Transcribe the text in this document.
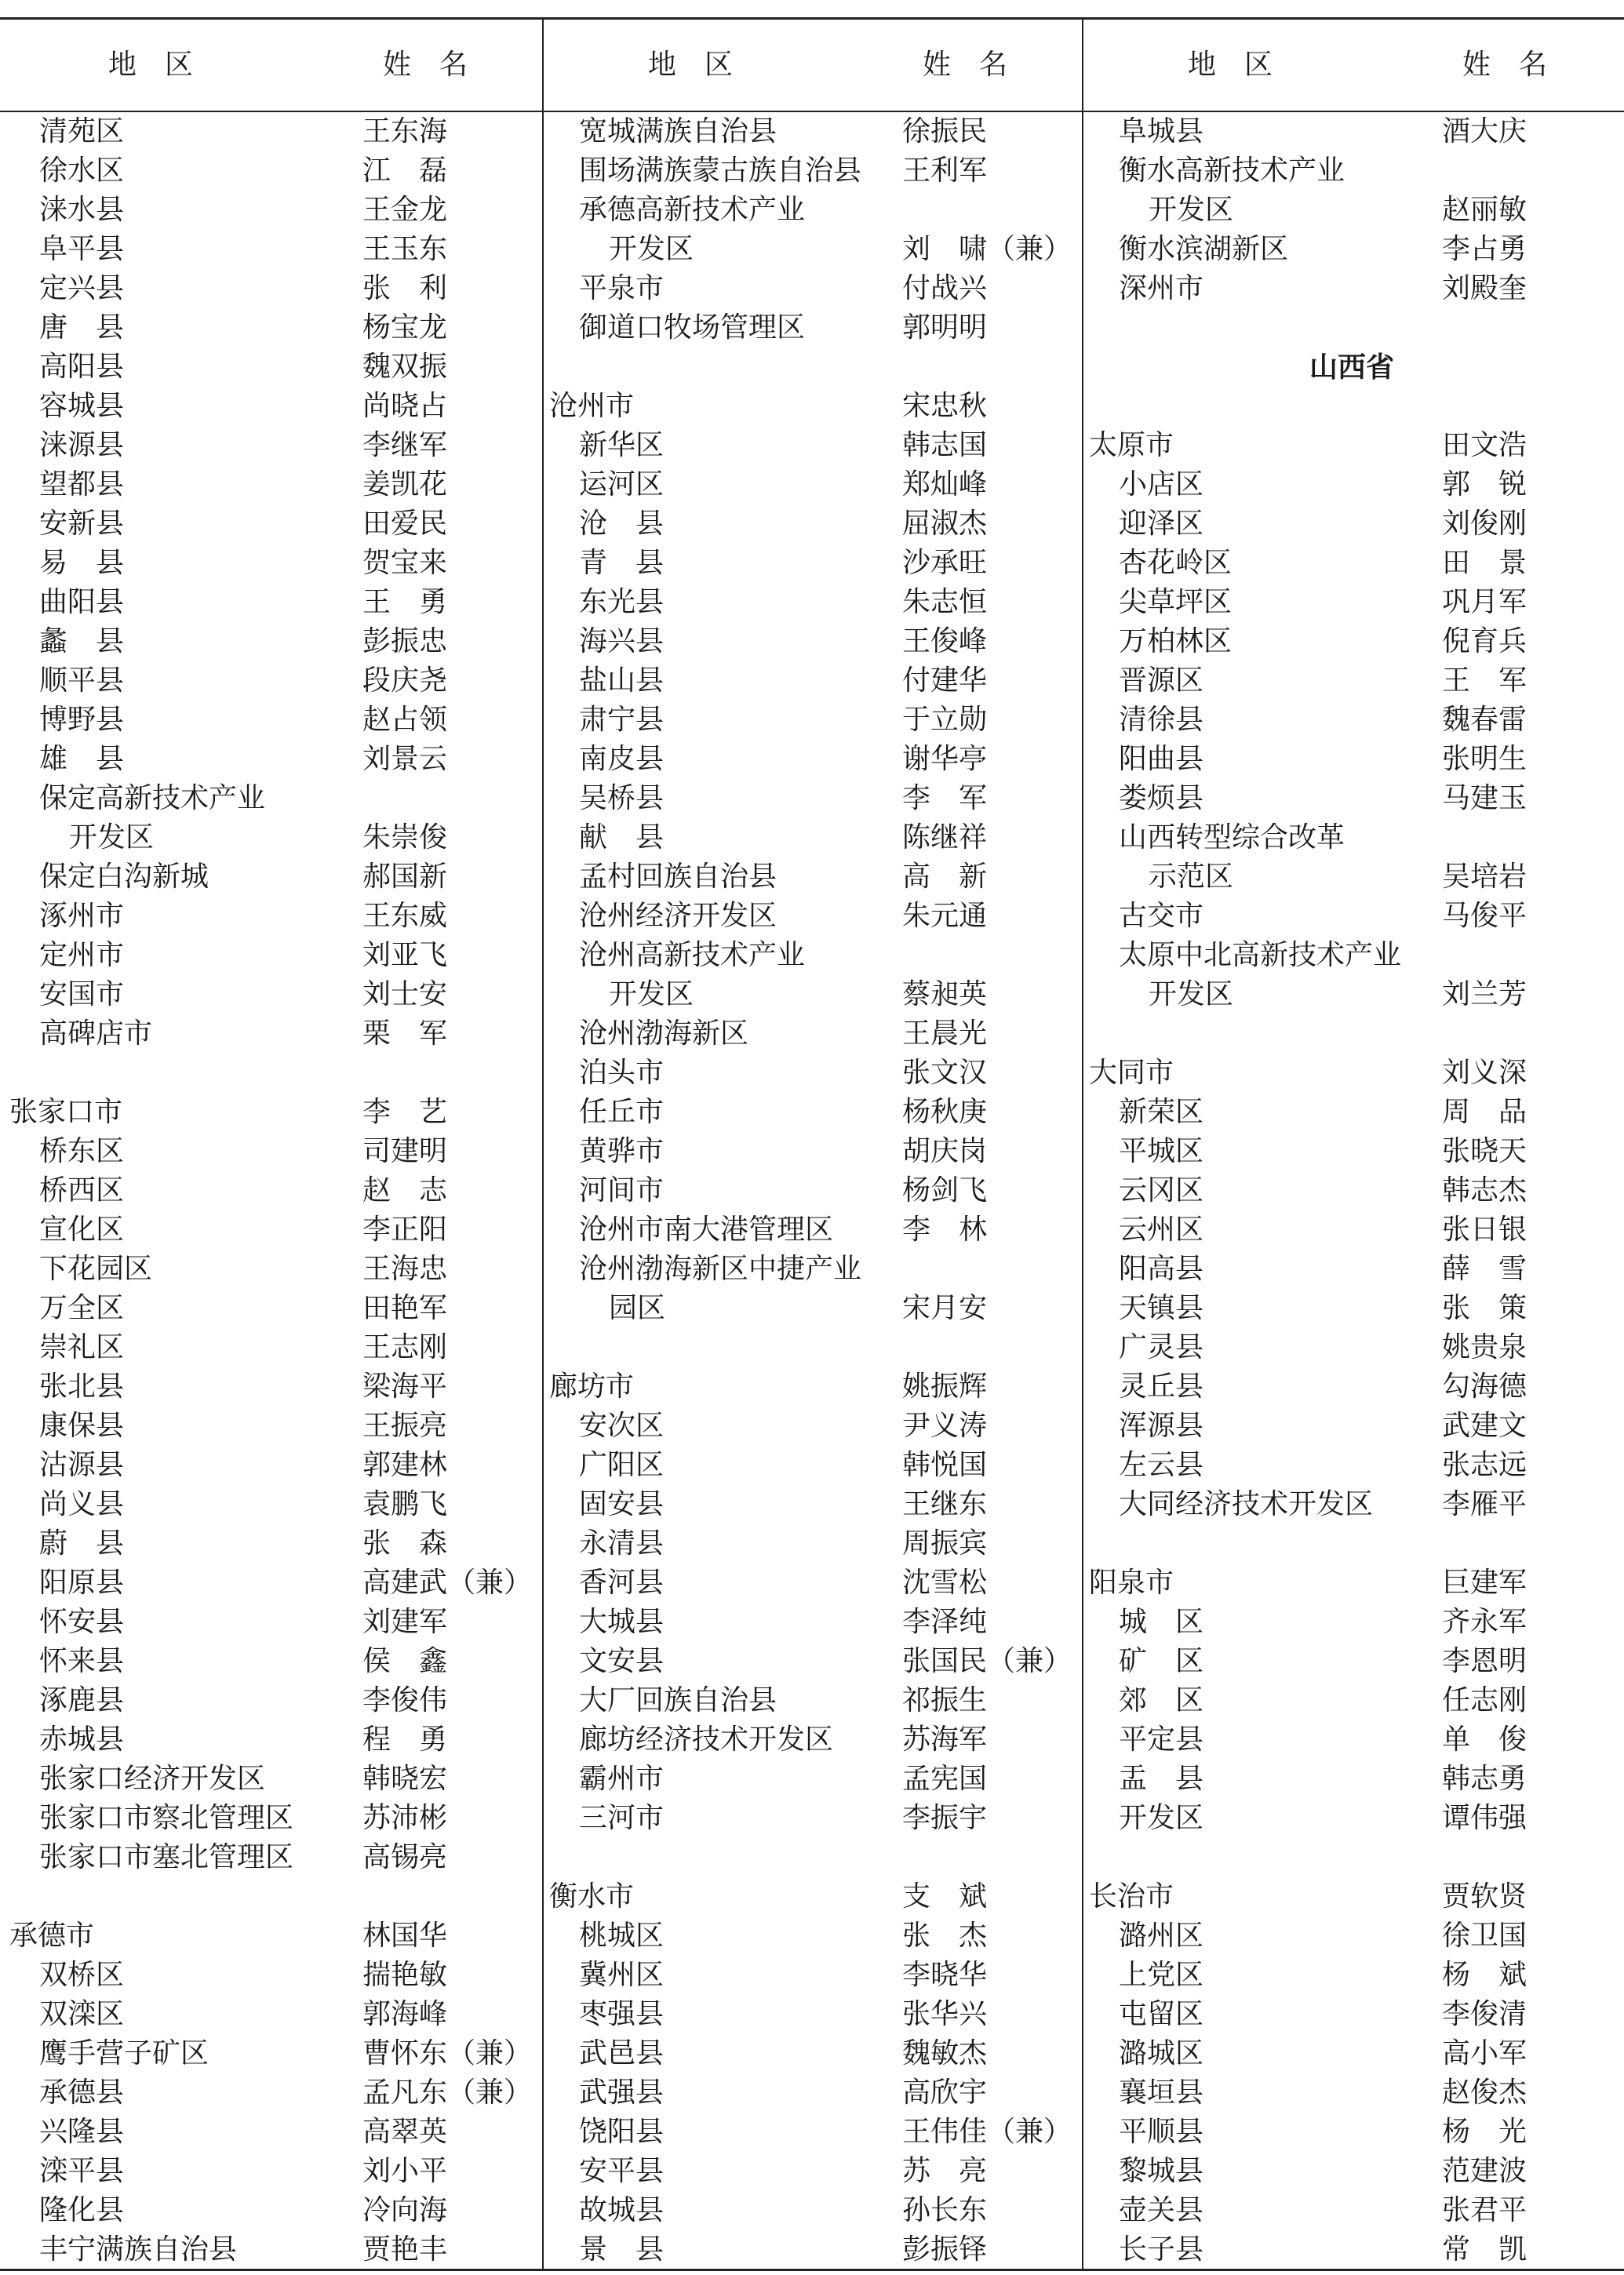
地　区	姓　名
清苑区	王东海
徐水区	江　磊
涞水县	王金龙
阜平县	王玉东
定兴县	张　利
唐　县	杨宝龙
高阳县	魏双振
容城县	尚晓占
涞源县	李继军
望都县	姜凯花
安新县	田爱民
易　县	贺宝来
曲阳县	王　勇
蠡　县	彭振忠
顺平县	段庆尧
博野县	赵占领
雄　县	刘景云
保定高新技术产业
开发区	朱崇俊
保定白沟新城	郝国新
涿州市	王东威
定州市	刘亚飞
安国市	刘士安
高碑店市	栗　军
张家口市	李　艺
桥东区	司建明
桥西区	赵　志
宣化区	李正阳
下花园区	王海忠
万全区	田艳军
崇礼区	王志刚
张北县	梁海平
康保县	王振亮
沽源县	郭建林
尚义县	袁鹏飞
蔚　县	张　森
阳原县	高建武（兼）
怀安县	刘建军
怀来县	侯　鑫
涿鹿县	李俊伟
赤城县	程　勇
张家口经济开发区	韩晓宏
张家口市察北管理区 苏沛彬
张家口市塞北管理区 高锡亮
承德市	林国华
双桥区	揣艳敏
双滦区	郭海峰
鹰手营子矿区	曹怀东（兼）
承德县	孟凡东（兼）
兴隆县	高翠英
滦平县	刘小平
隆化县	冷向海
丰宁满族自治县	贾艳丰
地　区	姓　名
宽城满族自治县	徐振民
围场满族蒙古族自治县 王利军
承德高新技术产业
开发区	刘　啸（兼）
平泉市	付战兴
御道口牧场管理区	郭明明
沧州市	宋忠秋
新华区	韩志国
运河区	郑灿峰
沧　县	屈淑杰
青　县	沙承旺
东光县	朱志恒
海兴县	王俊峰
盐山县	付建华
肃宁县	于立勋
南皮县	谢华亭
吴桥县	李　军
献　县	陈继祥
孟村回族自治县	高　新
沧州经济开发区	朱元通
沧州高新技术产业
开发区	蔡昶英
沧州渤海新区	王晨光
泊头市	张文汉
任丘市	杨秋庚
黄骅市	胡庆岗
河间市	杨剑飞
沧州市南大港管理区 李　林
沧州渤海新区中捷产业
园区	宋月安
廊坊市	姚振辉
安次区	尹义涛
广阳区	韩悦国
固安县	王继东
永清县	周振宾
香河县	沈雪松
大城县	李泽纯
文安县	张国民（兼）
大厂回族自治县	祁振生
廊坊经济技术开发区 苏海军
霸州市	孟宪国
三河市	李振宇
衡水市	支　斌
桃城区	张　杰
冀州区	李晓华
枣强县	张华兴
武邑县	魏敏杰
武强县	高欣宇
饶阳县	王伟佳（兼）
安平县	苏　亮
故城县	孙长东
景　县	彭振铎
地　区	姓　名
阜城县	酒大庆
衡水高新技术产业
开发区	赵丽敏
衡水滨湖新区	李占勇
深州市	刘殿奎
山西省
太原市	田文浩
小店区	郭　锐
迎泽区	刘俊刚
杏花岭区	田　景
尖草坪区	巩月军
万柏林区	倪育兵
晋源区	王　军
清徐县	魏春雷
阳曲县	张明生
娄烦县	马建玉
山西转型综合改革
示范区	吴培岩
古交市	马俊平
太原中北高新技术产业
开发区	刘兰芳
大同市	刘义深
新荣区	周　品
平城区	张晓天
云冈区	韩志杰
云州区	张日银
阳高县	薛　雪
天镇县	张　策
广灵县	姚贵泉
灵丘县	勾海德
浑源县	武建文
左云县	张志远
大同经济技术开发区 李雁平
阳泉市	巨建军
城　区	齐永军
矿　区	李恩明
郊　区	任志刚
平定县	单　俊
盂　县	韩志勇
开发区	谭伟强
长治市	贾软贤
潞州区	徐卫国
上党区	杨　斌
屯留区	李俊清
潞城区	高小军
襄垣县	赵俊杰
平顺县	杨　光
黎城县	范建波
壶关县	张君平
长子县	常　凯
